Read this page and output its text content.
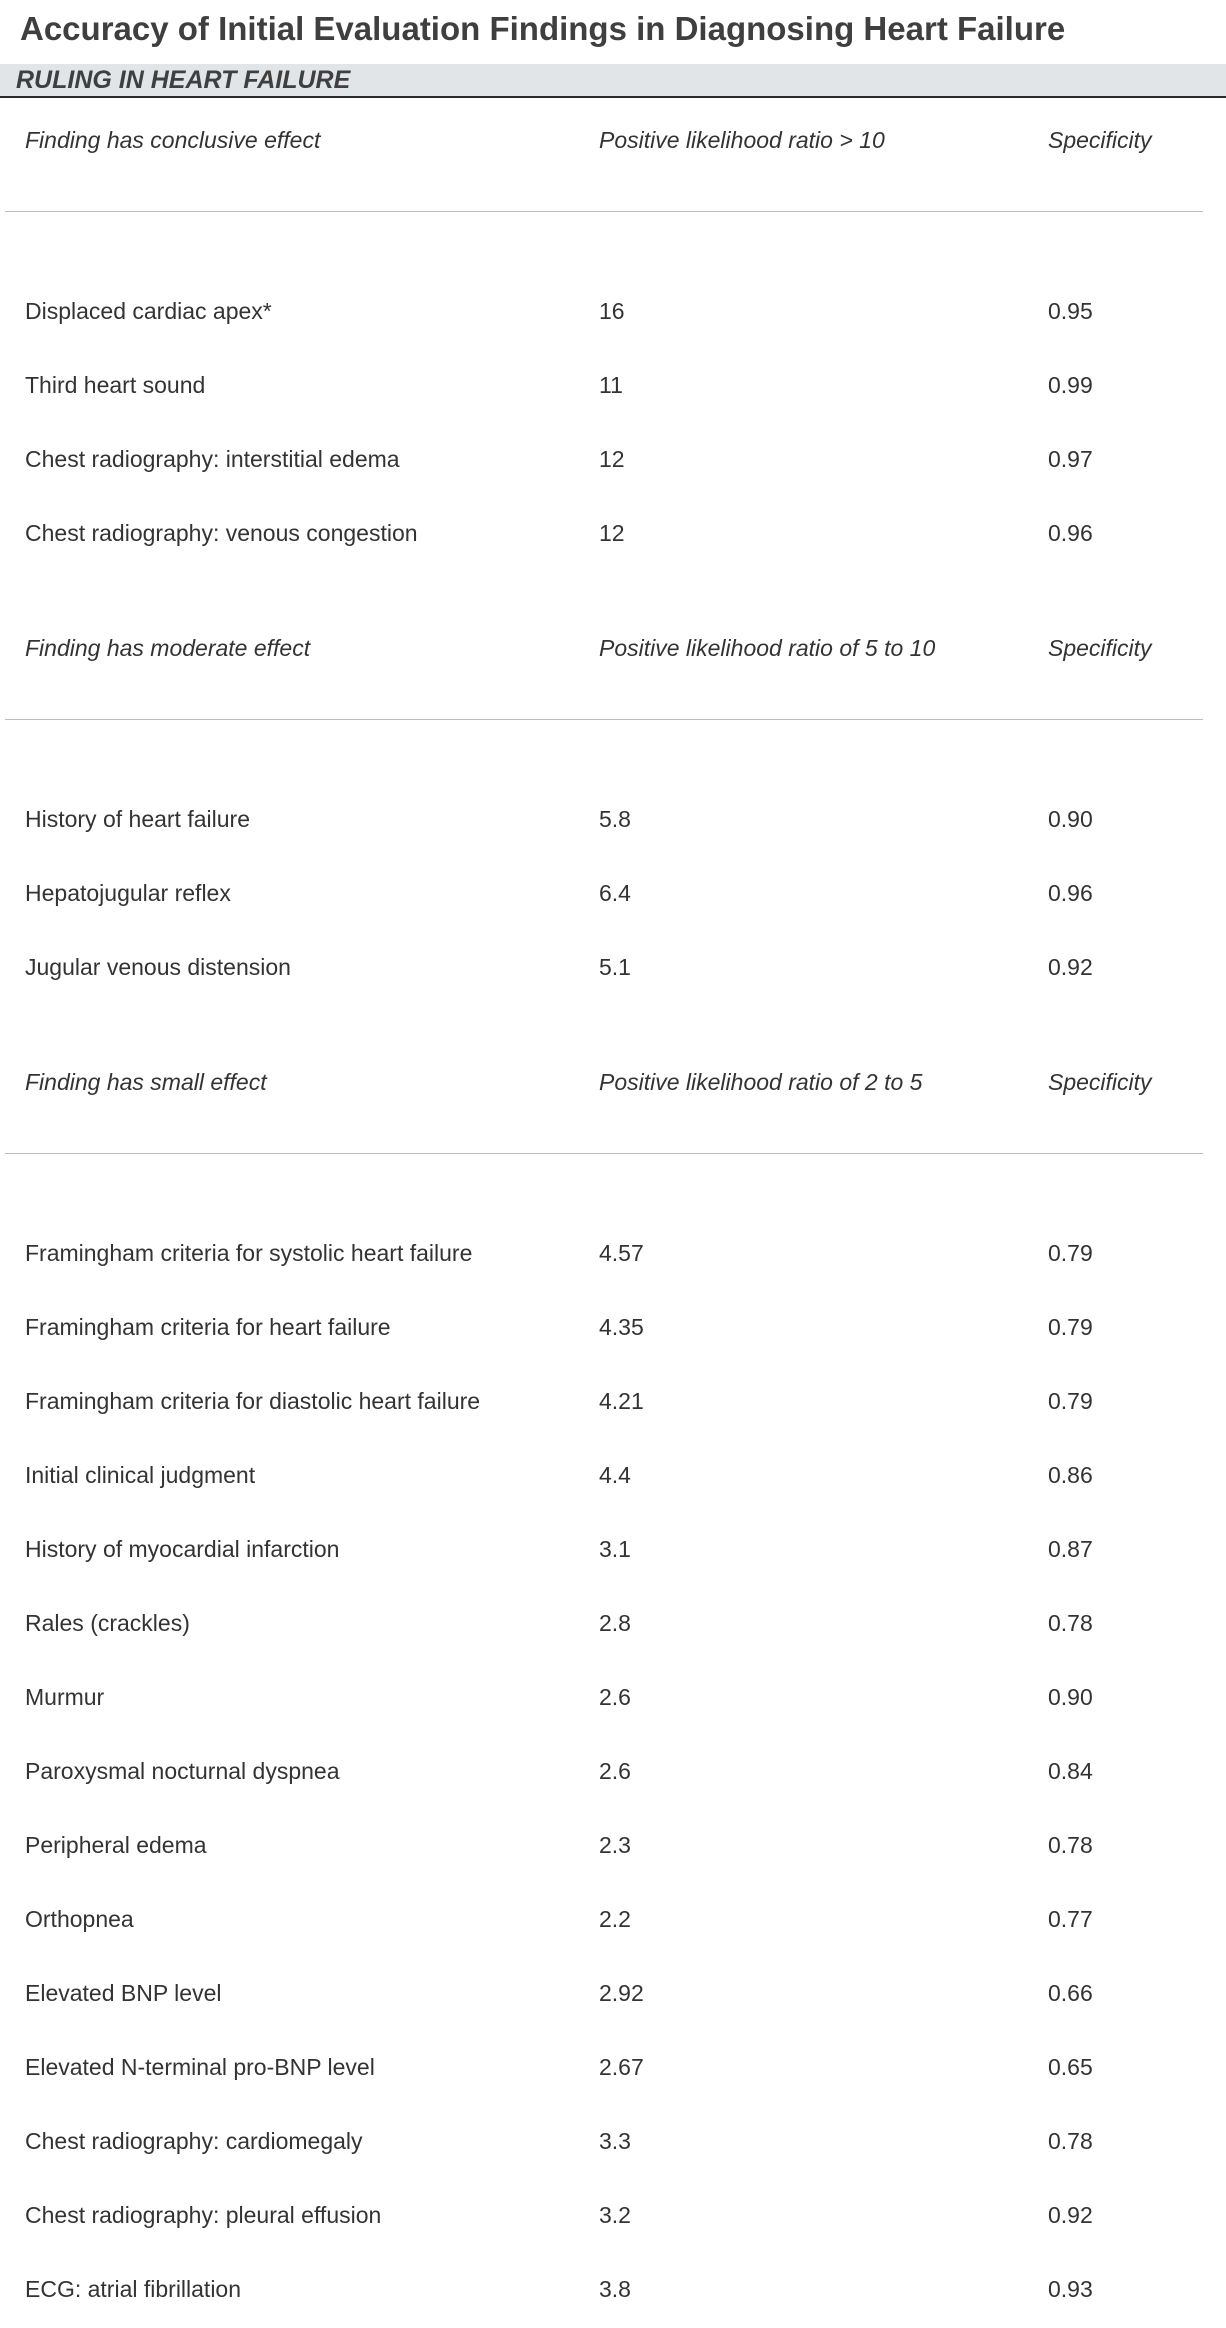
Accuracy of Initial Evaluation Findings in Diagnosing Heart Failure
RULING IN HEART FAILURE
Finding has conclusive effect	Positive likelihood ratio > 10	Specificity
Displaced cardiac apex*	16	0.95
Third heart sound	11	0.99
Chest radiography: interstitial edema	12	0.97
Chest radiography: venous congestion	12	0.96
Finding has moderate effect	Positive likelihood ratio of 5 to 10	Specificity
History of heart failure	5.8	0.90
Hepatojugular reflex	6.4	0.96
Jugular venous distension	5.1	0.92
Finding has small effect	Positive likelihood ratio of 2 to 5	Specificity
Framingham criteria for systolic heart failure	4.57	0.79
Framingham criteria for heart failure	4.35	0.79
Framingham criteria for diastolic heart failure	4.21	0.79
Initial clinical judgment	4.4	0.86
History of myocardial infarction	3.1	0.87
Rales (crackles)	2.8	0.78
Murmur	2.6	0.90
Paroxysmal nocturnal dyspnea	2.6	0.84
Peripheral edema	2.3	0.78
Orthopnea	2.2	0.77
Elevated BNP level	2.92	0.66
Elevated N-terminal pro-BNP level	2.67	0.65
Chest radiography: cardiomegaly	3.3	0.78
Chest radiography: pleural effusion	3.2	0.92
ECG: atrial fibrillation	3.8	0.93
